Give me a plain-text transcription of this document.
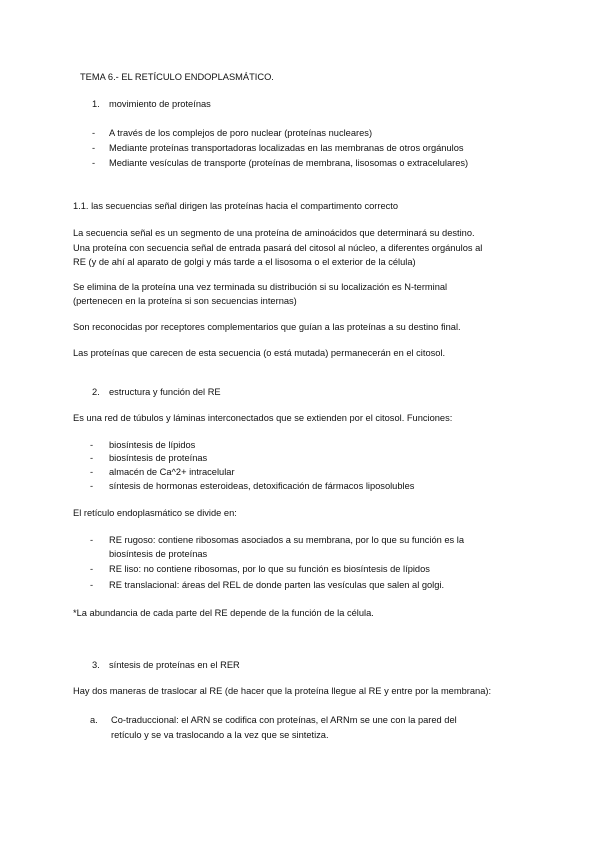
TEMA 6.- EL RETÍCULO ENDOPLASMÁTICO.
1. movimiento de proteínas
- A través de los complejos de poro nuclear (proteínas nucleares)
- Mediante proteínas transportadoras localizadas en las membranas de otros orgánulos
- Mediante vesículas de transporte (proteínas de membrana, lisosomas o extracelulares)
1.1. las secuencias señal dirigen las proteínas hacia el compartimento correcto
La secuencia señal es un segmento de una proteína de aminoácidos que determinará su destino.
Una proteína con secuencia señal de entrada pasará del citosol al núcleo, a diferentes orgánulos al
RE (y de ahí al aparato de golgi y más tarde a el lisosoma o el exterior de la célula)
Se elimina de la proteína una vez terminada su distribución si su localización es N-terminal
(pertenecen en la proteína si son secuencias internas)
Son reconocidas por receptores complementarios que guían a las proteínas a su destino final.
Las proteínas que carecen de esta secuencia (o está mutada) permanecerán en el citosol.
2. estructura y función del RE
Es una red de túbulos y láminas interconectados que se extienden por el citosol. Funciones:
- biosíntesis de lípidos
- biosíntesis de proteínas
- almacén de Ca^2+ intracelular
- síntesis de hormonas esteroideas, detoxificación de fármacos liposolubles
El retículo endoplasmático se divide en:
- RE rugoso: contiene ribosomas asociados a su membrana, por lo que su función es la
biosíntesis de proteínas
- RE liso: no contiene ribosomas, por lo que su función es biosíntesis de lípidos
- RE translacional: áreas del REL de donde parten las vesículas que salen al golgi.
*La abundancia de cada parte del RE depende de la función de la célula.
3. síntesis de proteínas en el RER
Hay dos maneras de traslocar al RE (de hacer que la proteína llegue al RE y entre por la membrana):
a. Co-traduccional: el ARN se codifica con proteínas, el ARNm se une con la pared del
retículo y se va traslocando a la vez que se sintetiza.
